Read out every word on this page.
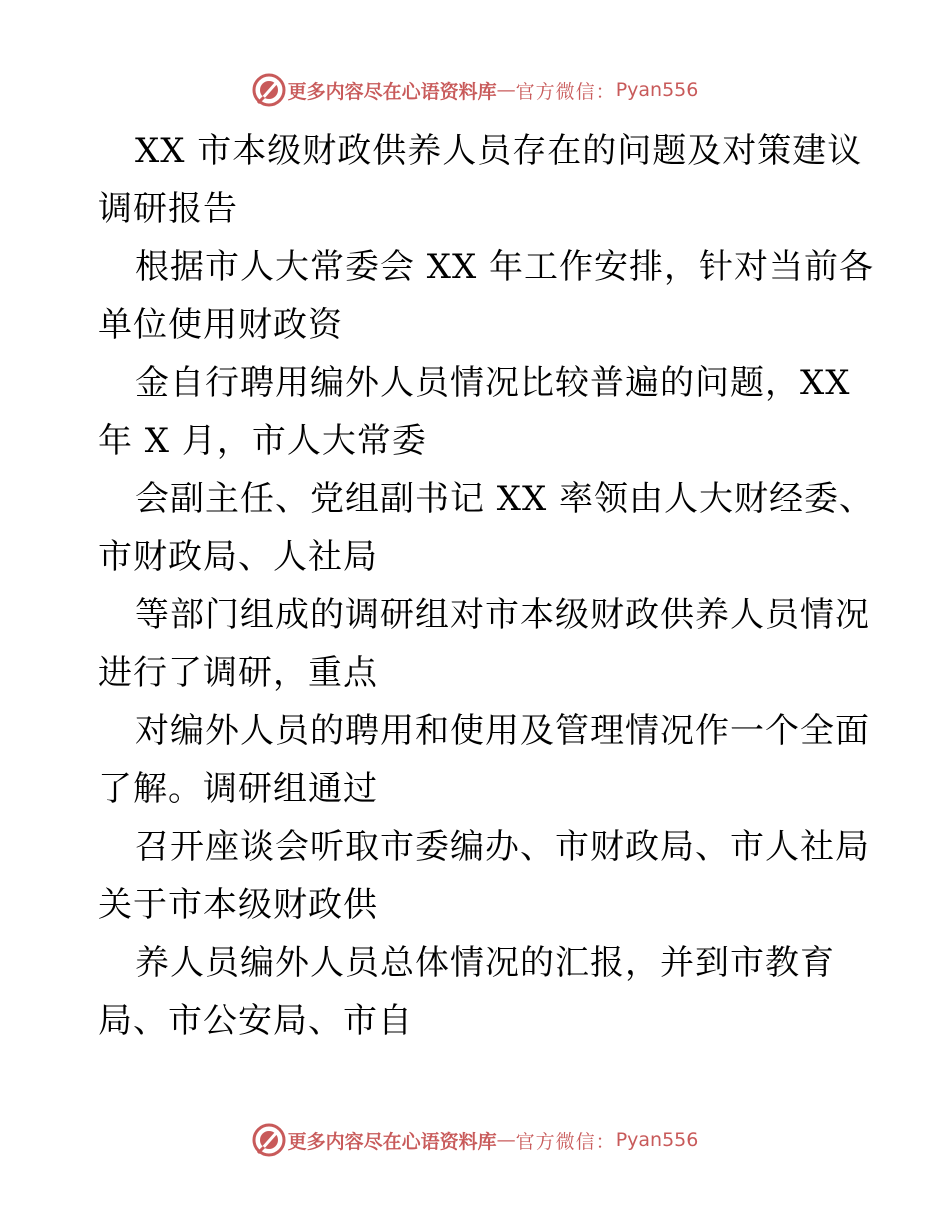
更多内容尽在心语资料库 — 官方微信： Pyan556
XX 市本级财政供养人员存在的问题及对策建议
调研报告
根据市人大常委会 XX 年工作安排，针对当前各
单位使用财政资
金自行聘用编外人员情况比较普遍的问题，XX
年 X 月，市人大常委
会副主任、党组副书记 XX 率领由人大财经委、
市财政局、人社局
等部门组成的调研组对市本级财政供养人员情况
进行了调研，重点
对编外人员的聘用和使用及管理情况作一个全面
了解。调研组通过
召开座谈会听取市委编办、市财政局、市人社局
关于市本级财政供
养人员编外人员总体情况的汇报，并到市教育
局、市公安局、市自
更多内容尽在心语资料库 — 官方微信： Pyan556
